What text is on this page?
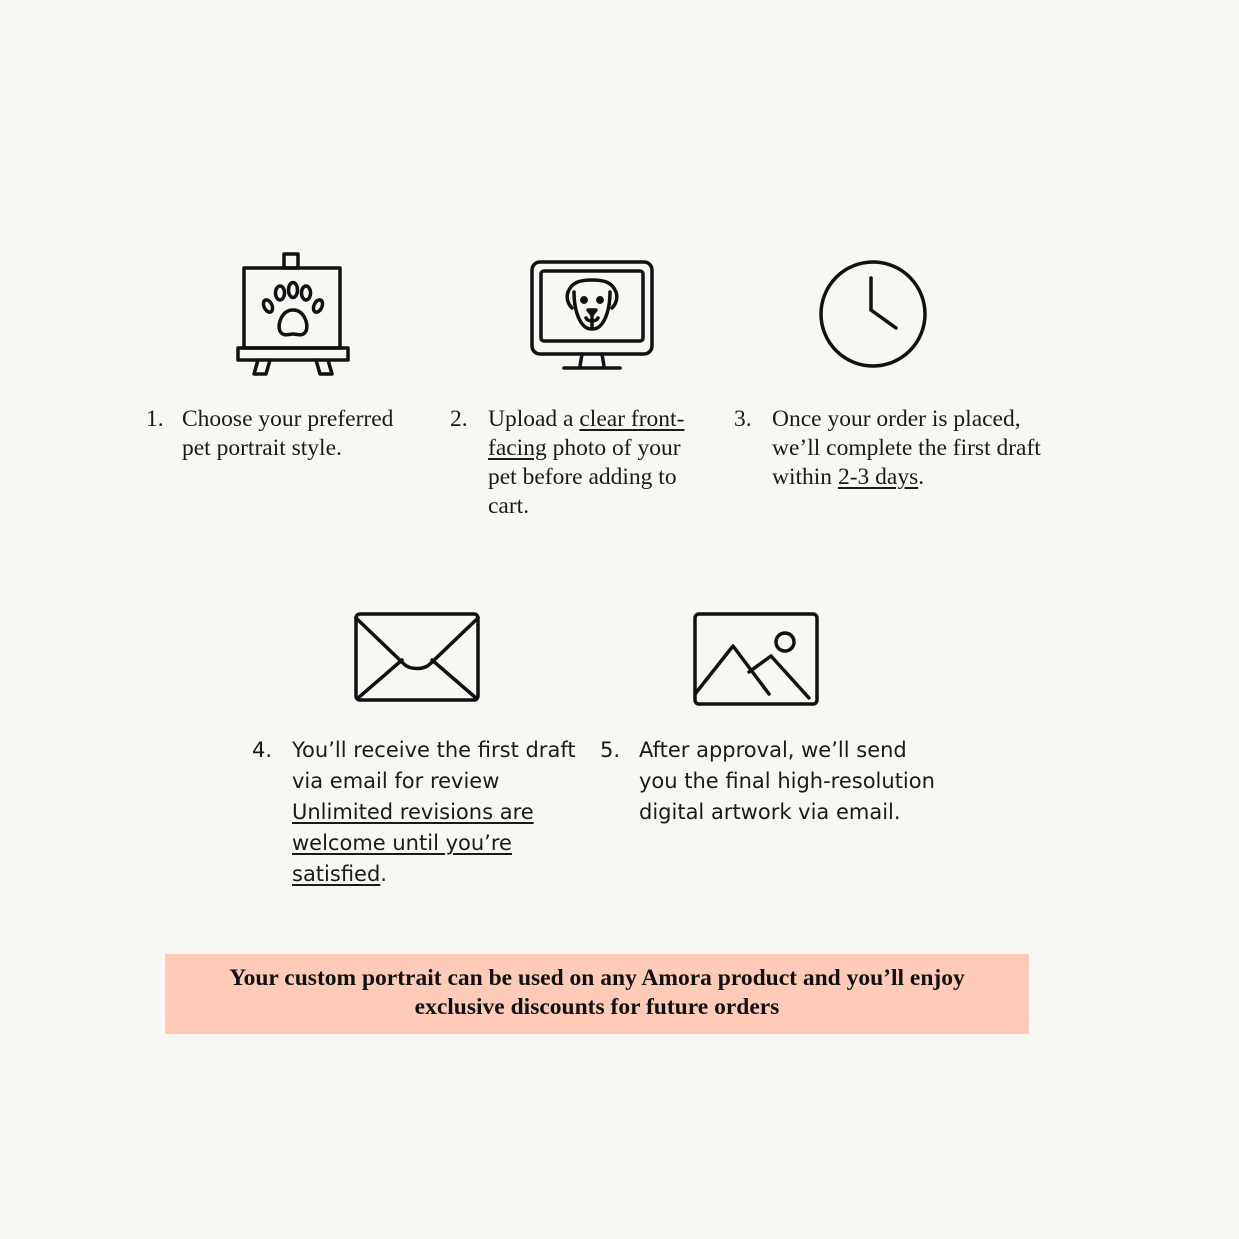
1. Choose your preferred pet portrait style.
2. Upload a clear front-facing photo of your pet before adding to cart.
3. Once your order is placed, we’ll complete the first draft within 2-3 days.
4. You’ll receive the first draft via email for review Unlimited revisions are welcome until you’re satisfied.
5. After approval, we’ll send you the final high-resolution digital artwork via email.
Your custom portrait can be used on any Amora product and you’ll enjoy
exclusive discounts for future orders
